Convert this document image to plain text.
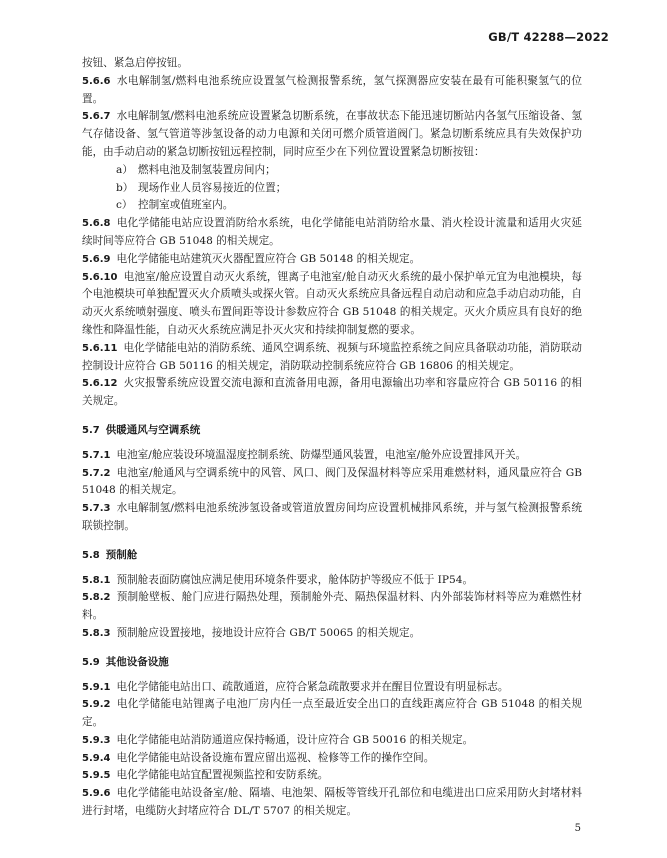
GB/T 42288—2022

按钮、紧急启停按钮。

5.6.6 水电解制氢/燃料电池系统应设置氢气检测报警系统，氢气探测器应安装在最有可能积聚氢气的位置。

5.6.7 水电解制氢/燃料电池系统应设置紧急切断系统，在事故状态下能迅速切断站内各氢气压缩设备、氢气存储设备、氢气管道等涉氢设备的动力电源和关闭可燃介质管道阀门。紧急切断系统应具有失效保护功能，由手动启动的紧急切断按钮远程控制，同时应至少在下列位置设置紧急切断按钮：

a） 燃料电池及制氢装置房间内；

b） 现场作业人员容易接近的位置；

c） 控制室或值班室内。

5.6.8 电化学储能电站应设置消防给水系统，电化学储能电站消防给水量、消火栓设计流量和适用火灾延续时间等应符合 GB 51048 的相关规定。

5.6.9 电化学储能电站建筑灭火器配置应符合 GB 50148 的相关规定。

5.6.10 电池室/舱应设置自动灭火系统，锂离子电池室/舱自动灭火系统的最小保护单元宜为电池模块，每个电池模块可单独配置灭火介质喷头或探火管。自动灭火系统应具备远程自动启动和应急手动启动功能，自动灭火系统喷射强度、喷头布置间距等设计参数应符合 GB 51048 的相关规定。灭火介质应具有良好的绝缘性和降温性能，自动灭火系统应满足扑灭火灾和持续抑制复燃的要求。

5.6.11 电化学储能电站的消防系统、通风空调系统、视频与环境监控系统之间应具备联动功能，消防联动控制设计应符合 GB 50116 的相关规定，消防联动控制系统应符合 GB 16806 的相关规定。

5.6.12 火灾报警系统应设置交流电源和直流备用电源，备用电源输出功率和容量应符合 GB 50116 的相关规定。

5.7 供暖通风与空调系统

5.7.1 电池室/舱应装设环境温湿度控制系统、防爆型通风装置，电池室/舱外应设置排风开关。

5.7.2 电池室/舱通风与空调系统中的风管、风口、阀门及保温材料等应采用难燃材料，通风量应符合 GB 51048 的相关规定。

5.7.3 水电解制氢/燃料电池系统涉氢设备或管道放置房间均应设置机械排风系统，并与氢气检测报警系统联锁控制。

5.8 预制舱

5.8.1 预制舱表面防腐蚀应满足使用环境条件要求，舱体防护等级应不低于 IP54。

5.8.2 预制舱壁板、舱门应进行隔热处理，预制舱外壳、隔热保温材料、内外部装饰材料等应为难燃性材料。

5.8.3 预制舱应设置接地，接地设计应符合 GB/T 50065 的相关规定。

5.9 其他设备设施

5.9.1 电化学储能电站出口、疏散通道，应符合紧急疏散要求并在醒目位置设有明显标志。

5.9.2 电化学储能电站锂离子电池厂房内任一点至最近安全出口的直线距离应符合 GB 51048 的相关规定。

5.9.3 电化学储能电站消防通道应保持畅通，设计应符合 GB 50016 的相关规定。

5.9.4 电化学储能电站设备设施布置应留出巡视、检修等工作的操作空间。

5.9.5 电化学储能电站宜配置视频监控和安防系统。

5.9.6 电化学储能电站设备室/舱、隔墙、电池架、隔板等管线开孔部位和电缆进出口应采用防火封堵材料进行封堵，电缆防火封堵应符合 DL/T 5707 的相关规定。

5
